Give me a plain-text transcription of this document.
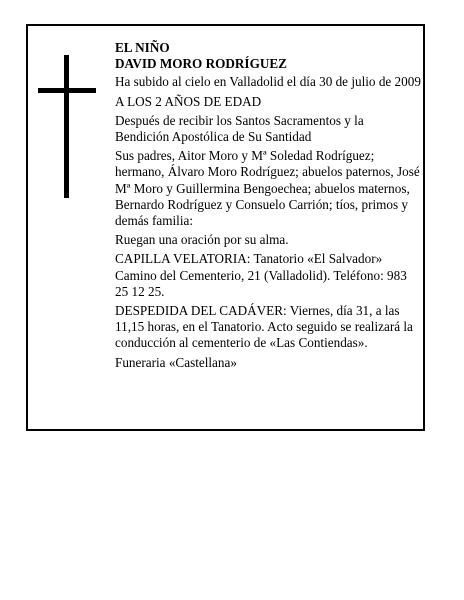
EL NIÑO

DAVID MORO RODRÍGUEZ

Ha subido al cielo en Valladolid el día 30 de julio de 2009

A LOS 2 AÑOS DE EDAD

Después de recibir los Santos Sacramentos y la Bendición Apostólica de Su Santidad

Sus padres, Aitor Moro y Mª Soledad Rodríguez; hermano, Álvaro Moro Rodríguez; abuelos paternos, José Mª Moro y Guillermina Bengoechea; abuelos maternos, Bernardo Rodríguez y Consuelo Carrión; tíos, primos y demás familia:

Ruegan una oración por su alma.

CAPILLA VELATORIA: Tanatorio «El Salvador» Camino del Cementerio, 21 (Valladolid). Teléfono: 983 25 12 25.

DESPEDIDA DEL CADÁVER: Viernes, día 31, a las 11,15 horas, en el Tanatorio. Acto seguido se realizará la conducción al cementerio de «Las Contiendas».

Funeraria «Castellana»
